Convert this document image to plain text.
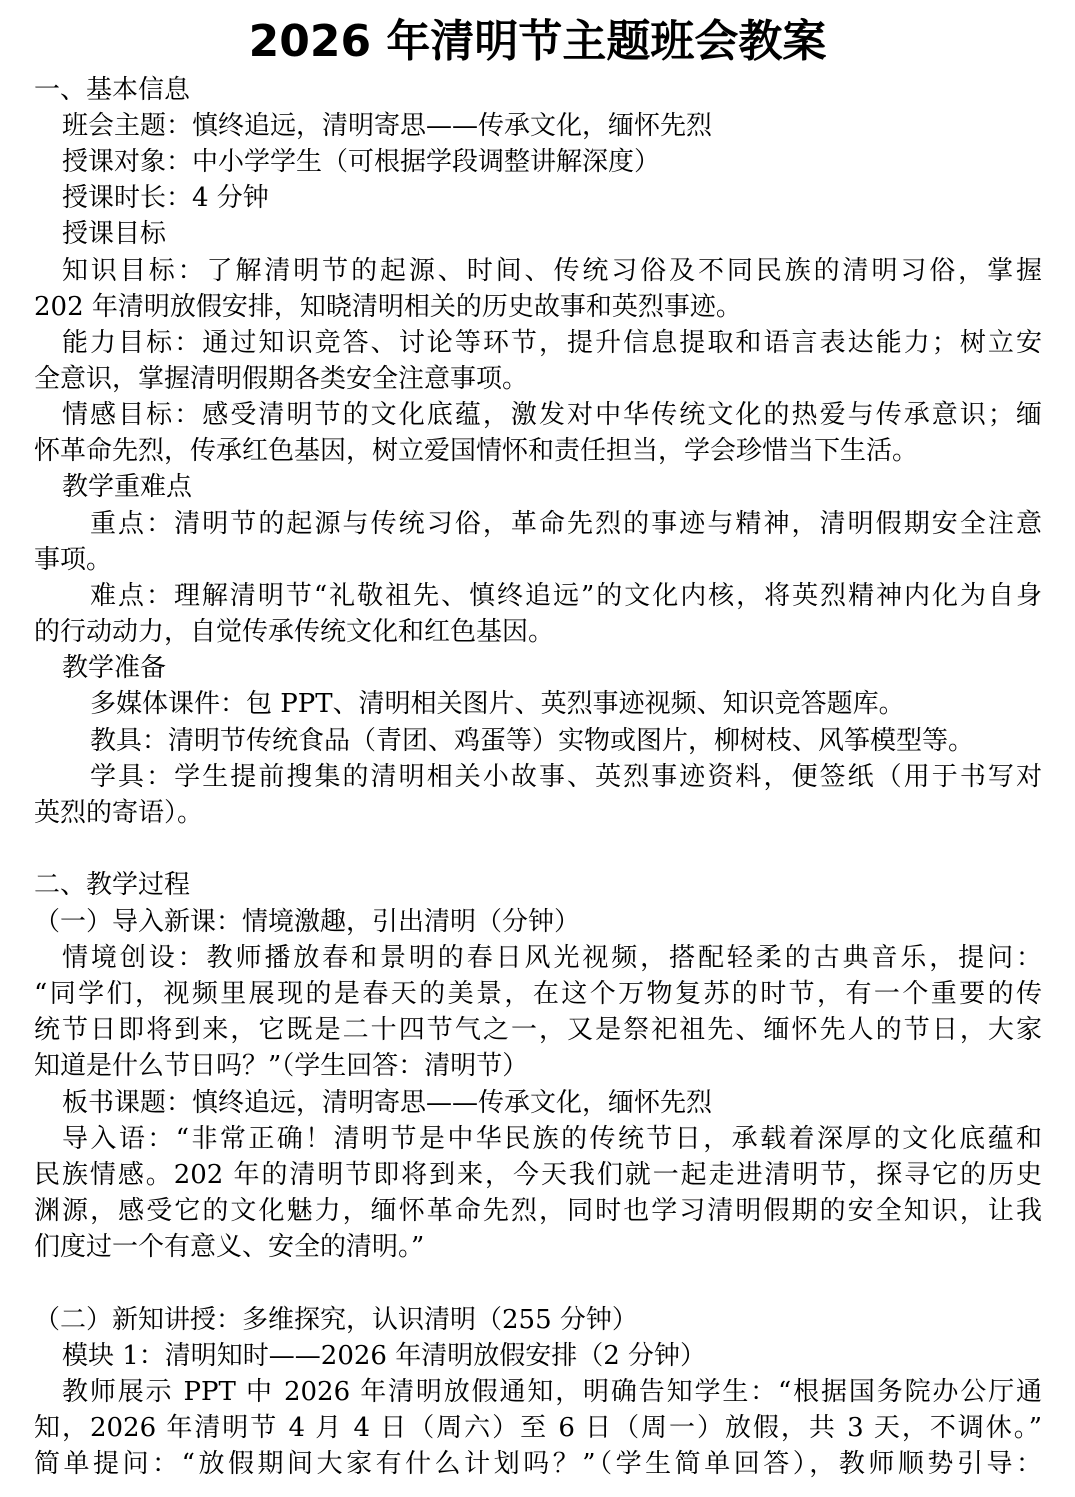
2026 年清明节主题班会教案
一、基本信息
班会主题：慎终追远，清明寄思——传承文化，缅怀先烈
授课对象：中小学学生（可根据学段调整讲解深度）
授课时长：4 分钟
授课目标
知识目标：了解清明节的起源、时间、传统习俗及不同民族的清明习俗，掌握
202 年清明放假安排，知晓清明相关的历史故事和英烈事迹。
能力目标：通过知识竞答、讨论等环节，提升信息提取和语言表达能力；树立安
全意识，掌握清明假期各类安全注意事项。
情感目标：感受清明节的文化底蕴，激发对中华传统文化的热爱与传承意识；缅
怀革命先烈，传承红色基因，树立爱国情怀和责任担当，学会珍惜当下生活。
教学重难点
重点：清明节的起源与传统习俗，革命先烈的事迹与精神，清明假期安全注意
事项。
难点：理解清明节“礼敬祖先、慎终追远”的文化内核，将英烈精神内化为自身
的行动动力，自觉传承传统文化和红色基因。
教学准备
多媒体课件：包 PPT、清明相关图片、英烈事迹视频、知识竞答题库。
教具：清明节传统食品（青团、鸡蛋等）实物或图片，柳树枝、风筝模型等。
学具：学生提前搜集的清明相关小故事、英烈事迹资料，便签纸（用于书写对
英烈的寄语）。
二、教学过程
（一）导入新课：情境激趣，引出清明（分钟）
情境创设：教师播放春和景明的春日风光视频，搭配轻柔的古典音乐，提问：
“同学们，视频里展现的是春天的美景，在这个万物复苏的时节，有一个重要的传
统节日即将到来，它既是二十四节气之一，又是祭祀祖先、缅怀先人的节日，大家
知道是什么节日吗？”（学生回答：清明节）
板书课题：慎终追远，清明寄思——传承文化，缅怀先烈
导入语：“非常正确！清明节是中华民族的传统节日，承载着深厚的文化底蕴和
民族情感。202 年的清明节即将到来，今天我们就一起走进清明节，探寻它的历史
渊源，感受它的文化魅力，缅怀革命先烈，同时也学习清明假期的安全知识，让我
们度过一个有意义、安全的清明。”
（二）新知讲授：多维探究，认识清明（255 分钟）
模块 1：清明知时——2026 年清明放假安排（2 分钟）
教师展示 PPT 中 2026 年清明放假通知，明确告知学生：“根据国务院办公厅通
知，2026 年清明节 4 月 4 日（周六）至 6 日（周一）放假，共 3 天，不调休。”
简单提问：“放假期间大家有什么计划吗？”（学生简单回答），教师顺势引导：
